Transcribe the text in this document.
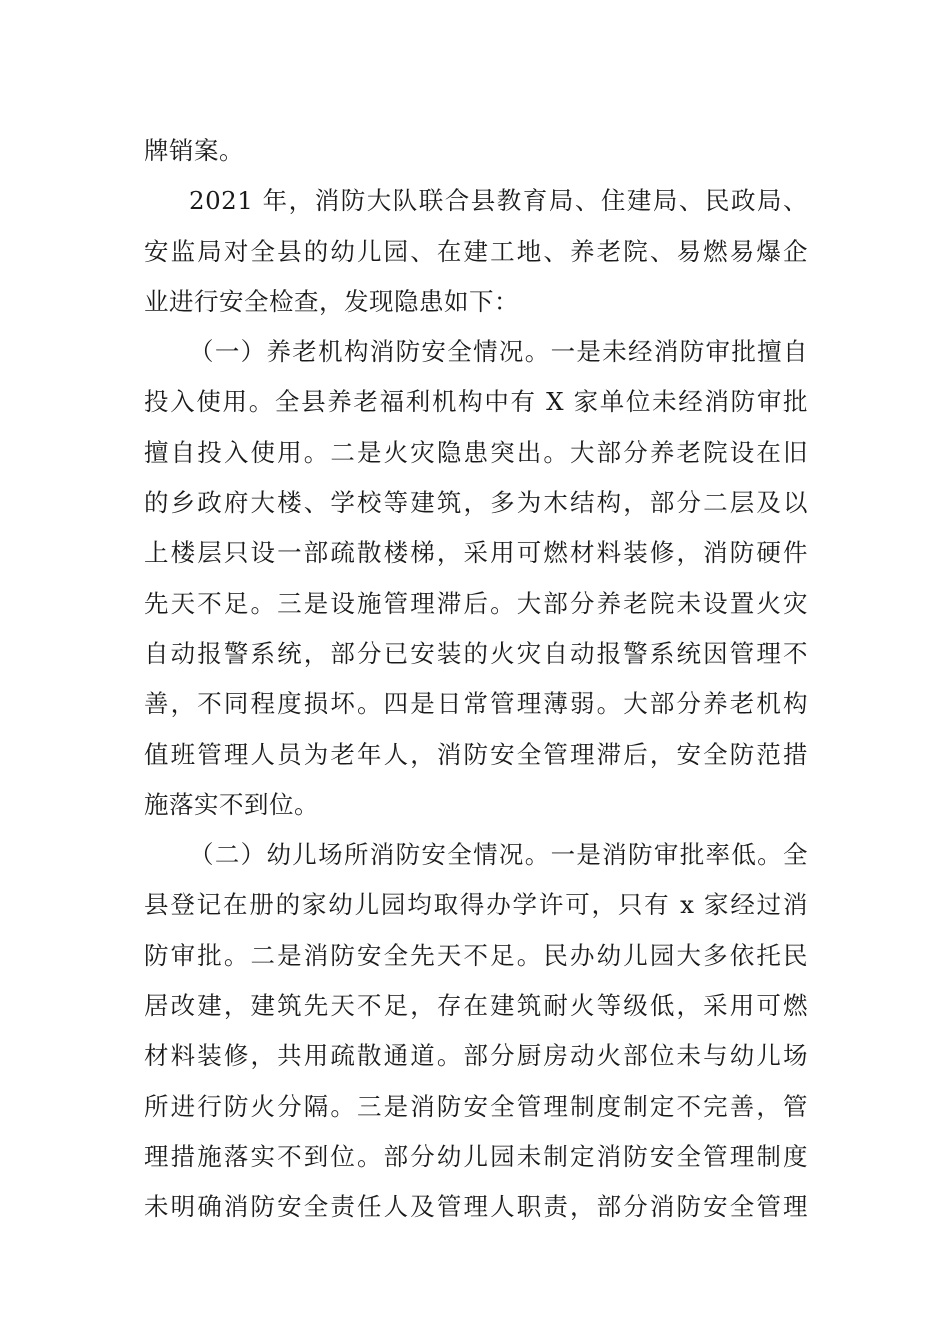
牌销案。
2021 年，消防大队联合县教育局、住建局、民政局、
安监局对全县的幼儿园、在建工地、养老院、易燃易爆企
业进行安全检查，发现隐患如下：
（一）养老机构消防安全情况。一是未经消防审批擅自
投入使用。全县养老福利机构中有 X 家单位未经消防审批
擅自投入使用。二是火灾隐患突出。大部分养老院设在旧
的乡政府大楼、学校等建筑，多为木结构，部分二层及以
上楼层只设一部疏散楼梯，采用可燃材料装修，消防硬件
先天不足。三是设施管理滞后。大部分养老院未设置火灾
自动报警系统，部分已安装的火灾自动报警系统因管理不
善，不同程度损坏。四是日常管理薄弱。大部分养老机构
值班管理人员为老年人，消防安全管理滞后，安全防范措
施落实不到位。
（二）幼儿场所消防安全情况。一是消防审批率低。全
县登记在册的家幼儿园均取得办学许可，只有 x 家经过消
防审批。二是消防安全先天不足。民办幼儿园大多依托民
居改建，建筑先天不足，存在建筑耐火等级低，采用可燃
材料装修，共用疏散通道。部分厨房动火部位未与幼儿场
所进行防火分隔。三是消防安全管理制度制定不完善，管
理措施落实不到位。部分幼儿园未制定消防安全管理制度
未明确消防安全责任人及管理人职责，部分消防安全管理
